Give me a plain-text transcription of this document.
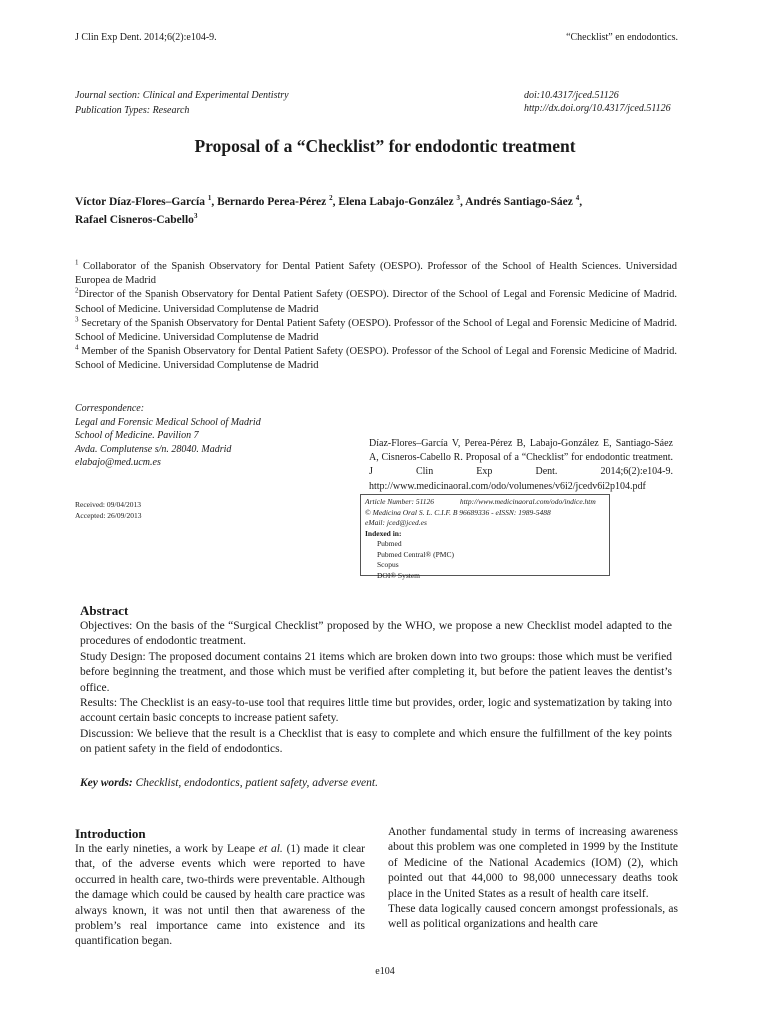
J Clin Exp Dent. 2014;6(2):e104-9.	“Checklist” en endodontics.
Journal section: Clinical and Experimental Dentistry
Publication Types: Research
doi:10.4317/jced.51126
http://dx.doi.org/10.4317/jced.51126
Proposal of a “Checklist” for endodontic treatment
Víctor Díaz-Flores–García $^1$, Bernardo Perea-Pérez $^2$, Elena Labajo-González $^3$, Andrés Santiago-Sáez $^4$,
Rafael Cisneros-Cabello$^3$

$^1$ Collaborator of the Spanish Observatory for Dental Patient Safety (OESPO). Professor of the School of Health Sciences. Universidad Europea de Madrid

$^2$Director of the Spanish Observatory for Dental Patient Safety (OESPO). Director of the School of Legal and Forensic Medicine of Madrid. School of Medicine. Universidad Complutense de Madrid

$^3$ Secretary of the Spanish Observatory for Dental Patient Safety (OESPO). Professor of the School of Legal and Forensic Medicine of Madrid. School of Medicine. Universidad Complutense de Madrid

$^4$ Member of the Spanish Observatory for Dental Patient Safety (OESPO). Professor of the School of Legal and Forensic Medicine of Madrid. School of Medicine. Universidad Complutense de Madrid

Correspondence:
Legal and Forensic Medical School of Madrid
School of Medicine. Pavilion 7
Avda. Complutense s/n. 28040. Madrid
elabajo@med.ucm.es
Díaz-Flores–García V, Perea-Pérez B, Labajo-González E, Santiago-Sáez A, Cisneros-Cabello R. Proposal of a “Checklist” for endodontic treatment. J Clin Exp Dent. 2014;6(2):e104-9. http://www.medicinaoral.com/odo/volumenes/v6i2/jcedv6i2p104.pdf
Received: 09/04/2013
Accepted: 26/09/2013
Article Number: 51126	http://www.medicinaoral.com/odo/indice.htm
© Medicina Oral S. L. C.I.F. B 96689336 - eISSN: 1989-5488
eMail: jced@jced.es
Indexed in:
Pubmed
Pubmed Central® (PMC)
Scopus
DOI® System
Abstract

Objectives: On the basis of the “Surgical Checklist” proposed by the WHO, we propose a new Checklist model adapted to the procedures of endodontic treatment.

Study Design: The proposed document contains 21 items which are broken down into two groups: those which must be verified before beginning the treatment, and those which must be verified after completing it, but before the patient leaves the dentist’s office.

Results: The Checklist is an easy-to-use tool that requires little time but provides, order, logic and systematization by taking into account certain basic concepts to increase patient safety.

Discussion: We believe that the result is a Checklist that is easy to complete and which ensure the fulfillment of the key points on patient safety in the field of endodontics.

Key words: Checklist, endodontics, patient safety, adverse event.
Introduction

In the early nineties, a work by Leape et al. (1) made it clear that, of the adverse events which were reported to have occurred in health care, two-thirds were preventable. Although the damage which could be caused by health care practice was always known, it was not until then that awareness of the problem’s real importance came into existence and its quantification began.

Another fundamental study in terms of increasing awareness about this problem was one completed in 1999 by the Institute of Medicine of the National Academics (IOM) (2), which pointed out that 44,000 to 98,000 unnecessary deaths took place in the United States as a result of health care itself.

These data logically caused concern amongst professionals, as well as political organizations and health care

e104
